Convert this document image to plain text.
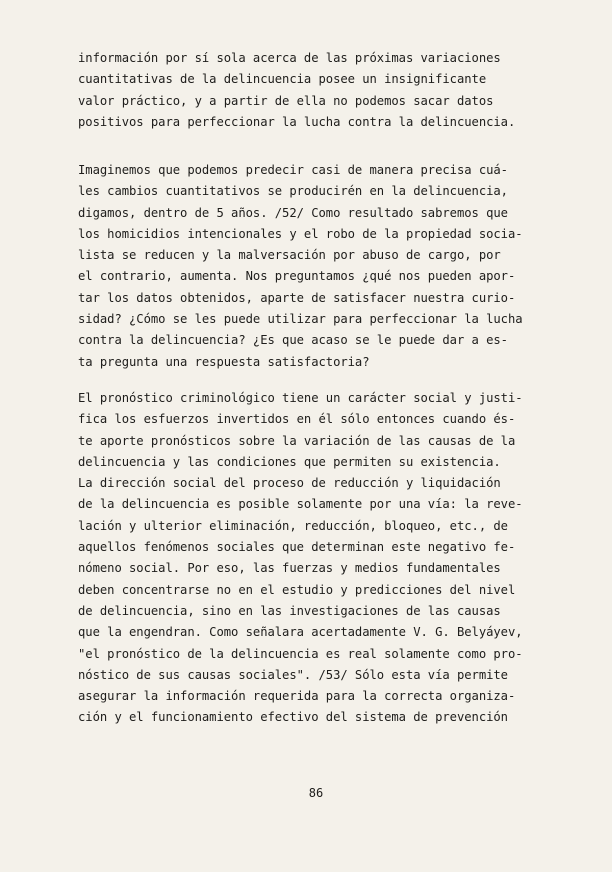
información por sí sola acerca de las próximas variaciones
cuantitativas de la delincuencia posee un insignificante
valor práctico, y a partir de ella no podemos sacar datos
positivos para perfeccionar la lucha contra la delincuencia.
Imaginemos que podemos predecir casi de manera precisa cuá-
les cambios cuantitativos se producirén en la delincuencia,
digamos, dentro de 5 años. /52/ Como resultado sabremos que
los homicidios intencionales y el robo de la propiedad socia-
lista se reducen y la malversación por abuso de cargo, por
el contrario, aumenta. Nos preguntamos ¿qué nos pueden apor-
tar los datos obtenidos, aparte de satisfacer nuestra curio-
sidad? ¿Cómo se les puede utilizar para perfeccionar la lucha
contra la delincuencia? ¿Es que acaso se le puede dar a es-
ta pregunta una respuesta satisfactoria?
El pronóstico criminológico tiene un carácter social y justi-
fica los esfuerzos invertidos en él sólo entonces cuando és-
te aporte pronósticos sobre la variación de las causas de la
delincuencia y las condiciones que permiten su existencia.
La dirección social del proceso de reducción y liquidación
de la delincuencia es posible solamente por una vía: la reve-
lación y ulterior eliminación, reducción, bloqueo, etc., de
aquellos fenómenos sociales que determinan este negativo fe-
nómeno social. Por eso, las fuerzas y medios fundamentales
deben concentrarse no en el estudio y predicciones del nivel
de delincuencia, sino en las investigaciones de las causas
que la engendran. Como señalara acertadamente V. G. Belyáyev,
"el pronóstico de la delincuencia es real solamente como pro-
nóstico de sus causas sociales". /53/ Sólo esta vía permite
asegurar la información requerida para la correcta organiza-
ción y el funcionamiento efectivo del sistema de prevención
86
